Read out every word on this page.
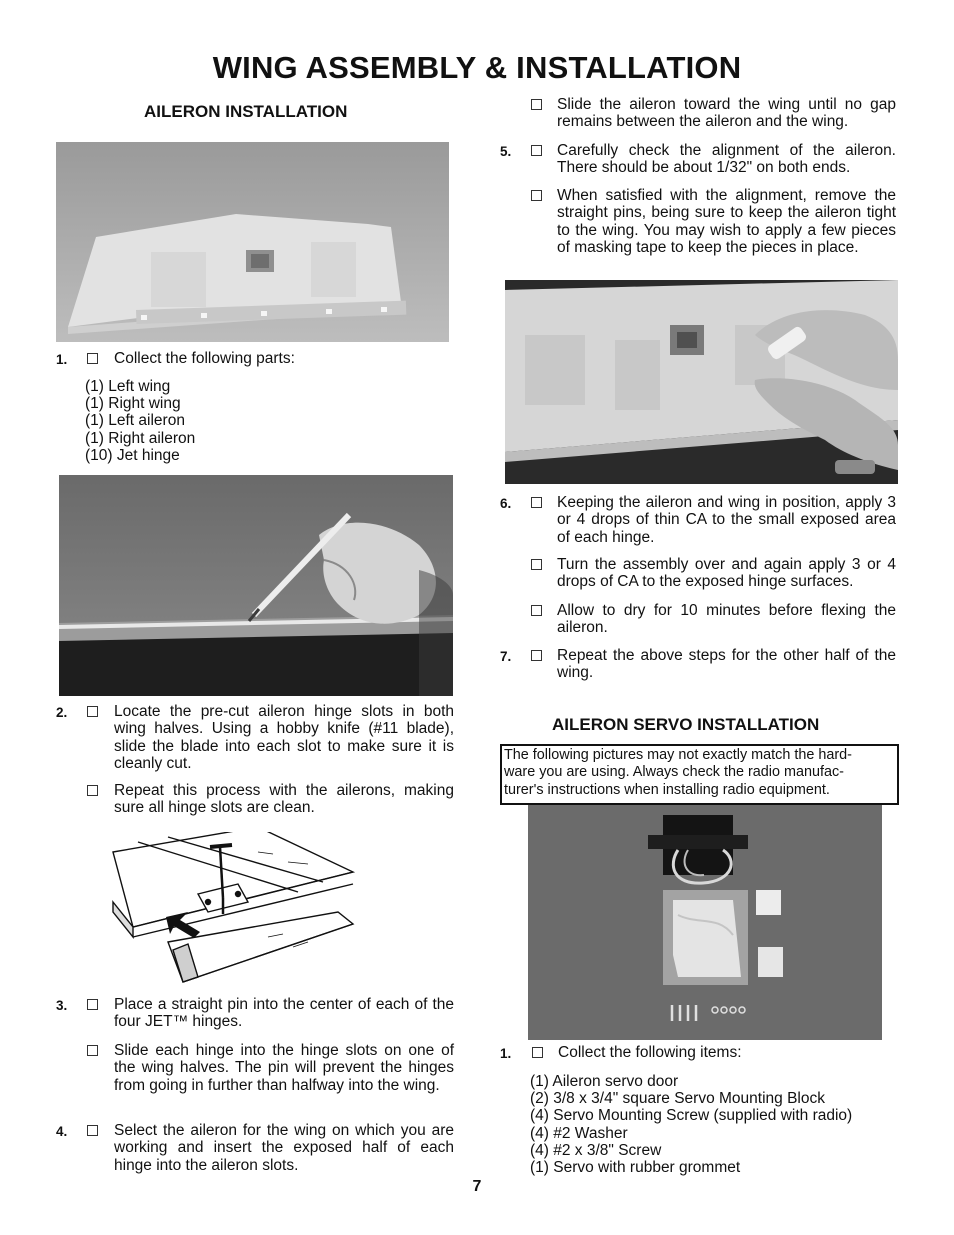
WING ASSEMBLY & INSTALLATION
AILERON INSTALLATION
1.	Collect the following parts:
(1) Left wing
(1) Right wing
(1) Left aileron
(1) Right aileron
(10) Jet hinge
2.	Locate the pre-cut aileron hinge slots in both wing halves. Using a hobby knife (#11 blade), slide the blade into each slot to make sure it is cleanly cut.
Repeat this process with the ailerons, making sure all hinge slots are clean.
3.	Place a straight pin into the center of each of the four JET™ hinges.
Slide each hinge into the hinge slots on one of the wing halves. The pin will prevent the hinges from going in further than halfway into the wing.
4.	Select the aileron for the wing on which you are working and insert the exposed half of each hinge into the aileron slots.
Slide the aileron toward the wing until no gap remains between the aileron and the wing.
5.	Carefully check the alignment of the aileron. There should be about 1/32" on both ends.
When satisfied with the alignment, remove the straight pins, being sure to keep the aileron tight to the wing. You may wish to apply a few pieces of masking tape to keep the pieces in place.
6.	Keeping the aileron and wing in position, apply 3 or 4 drops of thin CA to the small exposed area of each hinge.
Turn the assembly over and again apply 3 or 4 drops of CA to the exposed hinge surfaces.
Allow to dry for 10 minutes before flexing the aileron.
7.	Repeat the above steps for the other half of the wing.
AILERON SERVO INSTALLATION
The following pictures may not exactly match the hard-
ware you are using. Always check the radio manufac-
turer's instructions when installing radio equipment.
1.	Collect the following items:
(1) Aileron servo door
(2) 3/8 x 3/4" square Servo Mounting Block
(4) Servo Mounting Screw (supplied with radio)
(4) #2 Washer
(4) #2 x 3/8" Screw
(1) Servo with rubber grommet
7
